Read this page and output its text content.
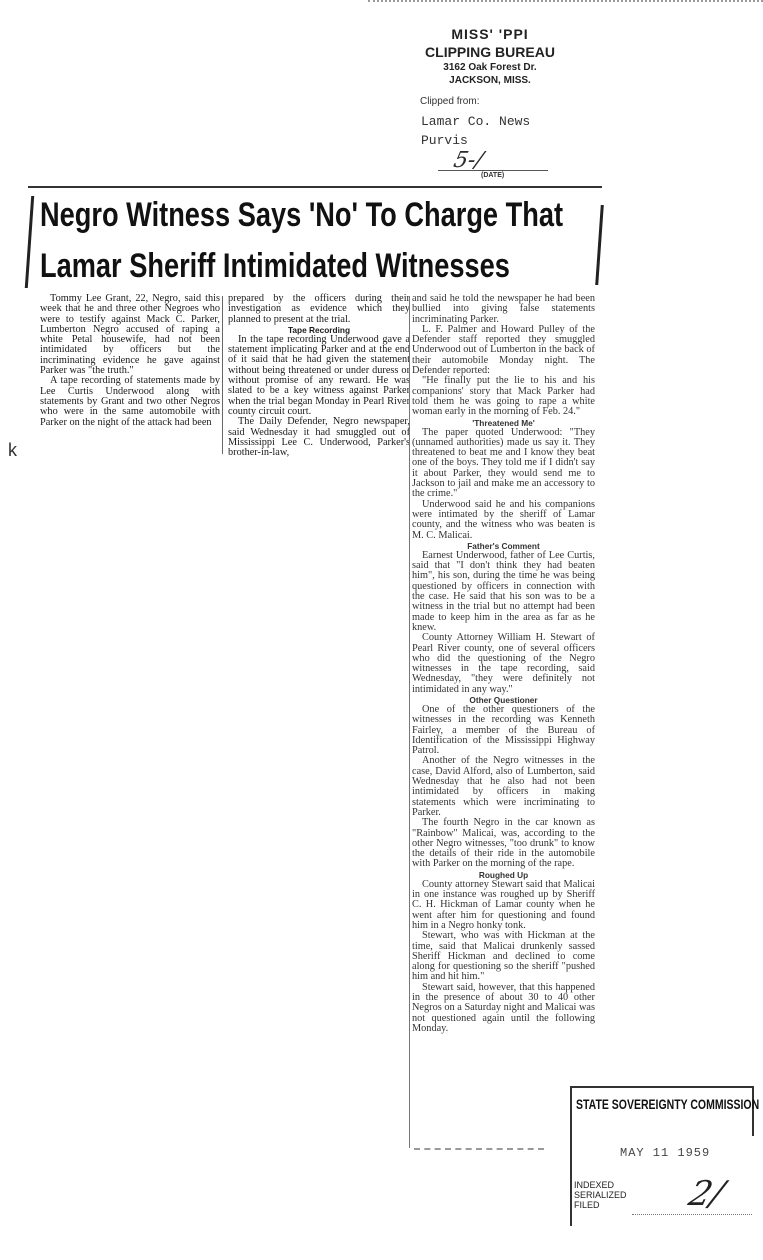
MISS' 'PPI
CLIPPING BUREAU
3162 Oak Forest Dr.
JACKSON, MISS.
Clipped from:
Lamar Co. News
Purvis
5-/
(DATE)
Negro Witness Says 'No' To Charge That
Lamar Sheriff Intimidated Witnesses

Tommy Lee Grant, 22, Negro, said this week that he and three other Negroes who were to testify against Mack C. Parker, Lumberton Negro accused of raping a white Petal housewife, had not been intimidated by officers but the incriminating evidence he gave against Parker was "the truth."

A tape recording of statements made by Lee Curtis Underwood along with statements by Grant and two other Negros who were in the same automobile with Parker on the night of the attack had been

prepared by the officers during their investigation as evidence which they planned to present at the trial.

Tape Recording

In the tape recording Underwood gave a statement implicating Parker and at the end of it said that he had given the statement without being threatened or under duress or without promise of any reward. He was slated to be a key witness against Parker when the trial began Monday in Pearl River county circuit court.

The Daily Defender, Negro newspaper, said Wednesday it had smuggled out of Mississippi Lee C. Underwood, Parker's brother-in-law,

and said he told the newspaper he had been bullied into giving false statements incriminating Parker.

L. F. Palmer and Howard Pulley of the Defender staff reported they smuggled Underwood out of Lumberton in the back of their automobile Monday night. The Defender reported:

"He finally put the lie to his and his companions' story that Mack Parker had told them he was going to rape a white woman early in the morning of Feb. 24."

'Threatened Me'

The paper quoted Underwood: "They (unnamed authorities) made us say it. They threatened to beat me and I know they beat one of the boys. They told me if I didn't say it about Parker, they would send me to Jackson to jail and make me an accessory to the crime."

Underwood said he and his companions were intimated by the sheriff of Lamar county, and the witness who was beaten is M. C. Malicai.

Father's Comment

Earnest Underwood, father of Lee Curtis, said that "I don't think they had beaten him", his son, during the time he was being questioned by officers in connection with the case. He said that his son was to be a witness in the trial but no attempt had been made to keep him in the area as far as he knew.

County Attorney William H. Stewart of Pearl River county, one of several officers who did the questioning of the Negro witnesses in the tape recording, said Wednesday, "they were definitely not intimidated in any way."

Other Questioner

One of the other questioners of the witnesses in the recording was Kenneth Fairley, a member of the Bureau of Identification of the Mississippi Highway Patrol.

Another of the Negro witnesses in the case, David Alford, also of Lumberton, said Wednesday that he also had not been intimidated by officers in making statements which were incriminating to Parker.

The fourth Negro in the car known as "Rainbow" Malicai, was, according to the other Negro witnesses, "too drunk" to know the details of their ride in the automobile with Parker on the morning of the rape.

Roughed Up

County attorney Stewart said that Malicai in one instance was roughed up by Sheriff C. H. Hickman of Lamar county when he went after him for questioning and found him in a Negro honky tonk.

Stewart, who was with Hickman at the time, said that Malicai drunkenly sassed Sheriff Hickman and declined to come along for questioning so the sheriff "pushed him and hit him."

Stewart said, however, that this happened in the presence of about 30 to 40 other Negros on a Saturday night and Malicai was not questioned again until the following Monday.

k
STATE SOVEREIGNTY COMMISSION
MAY 11 1959
INDEXED
SERIALIZED
FILED	2/
